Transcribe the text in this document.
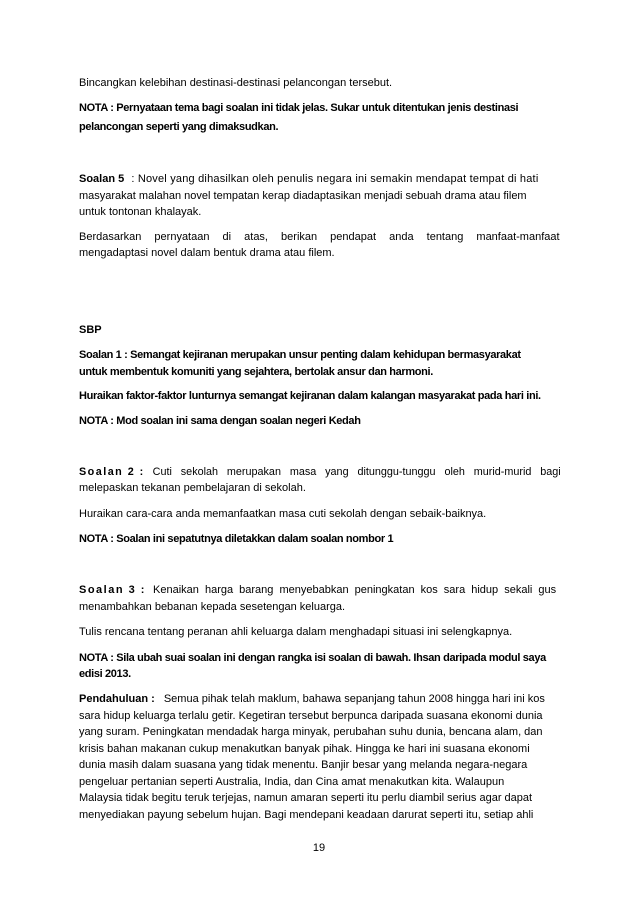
Bincangkan kelebihan destinasi-destinasi pelancongan tersebut.
NOTA : Pernyataan tema bagi soalan ini tidak jelas. Sukar untuk ditentukan jenis destinasi
pelancongan seperti yang dimaksudkan.
Soalan 5 : Novel yang dihasilkan oleh penulis negara ini semakin mendapat tempat di hati
masyarakat malahan novel tempatan kerap diadaptasikan menjadi sebuah drama atau filem
untuk tontonan khalayak.
Berdasarkan pernyataan di atas, berikan pendapat anda tentang manfaat-manfaat
mengadaptasi novel dalam bentuk drama atau filem.
SBP
Soalan 1 : Semangat kejiranan merupakan unsur penting dalam kehidupan bermasyarakat
untuk membentuk komuniti yang sejahtera, bertolak ansur dan harmoni.
Huraikan faktor-faktor lunturnya semangat kejiranan dalam kalangan masyarakat pada hari ini.
NOTA : Mod soalan ini sama dengan soalan negeri Kedah
Soalan 2 : Cuti sekolah merupakan masa yang ditunggu-tunggu oleh murid-murid bagi
melepaskan tekanan pembelajaran di sekolah.
Huraikan cara-cara anda memanfaatkan masa cuti sekolah dengan sebaik-baiknya.
NOTA : Soalan ini sepatutnya diletakkan dalam soalan nombor 1
Soalan 3 : Kenaikan harga barang menyebabkan peningkatan kos sara hidup sekali gus
menambahkan bebanan kepada sesetengan keluarga.
Tulis rencana tentang peranan ahli keluarga dalam menghadapi situasi ini selengkapnya.
NOTA : Sila ubah suai soalan ini dengan rangka isi soalan di bawah. Ihsan daripada modul saya
edisi 2013.
Pendahuluan : Semua pihak telah maklum, bahawa sepanjang tahun 2008 hingga hari ini kos
sara hidup keluarga terlalu getir. Kegetiran tersebut berpunca daripada suasana ekonomi dunia
yang suram. Peningkatan mendadak harga minyak, perubahan suhu dunia, bencana alam, dan
krisis bahan makanan cukup menakutkan banyak pihak. Hingga ke hari ini suasana ekonomi
dunia masih dalam suasana yang tidak menentu. Banjir besar yang melanda negara-negara
pengeluar pertanian seperti Australia, India, dan Cina amat menakutkan kita. Walaupun
Malaysia tidak begitu teruk terjejas, namun amaran seperti itu perlu diambil serius agar dapat
menyediakan payung sebelum hujan. Bagi mendepani keadaan darurat seperti itu, setiap ahli
19
